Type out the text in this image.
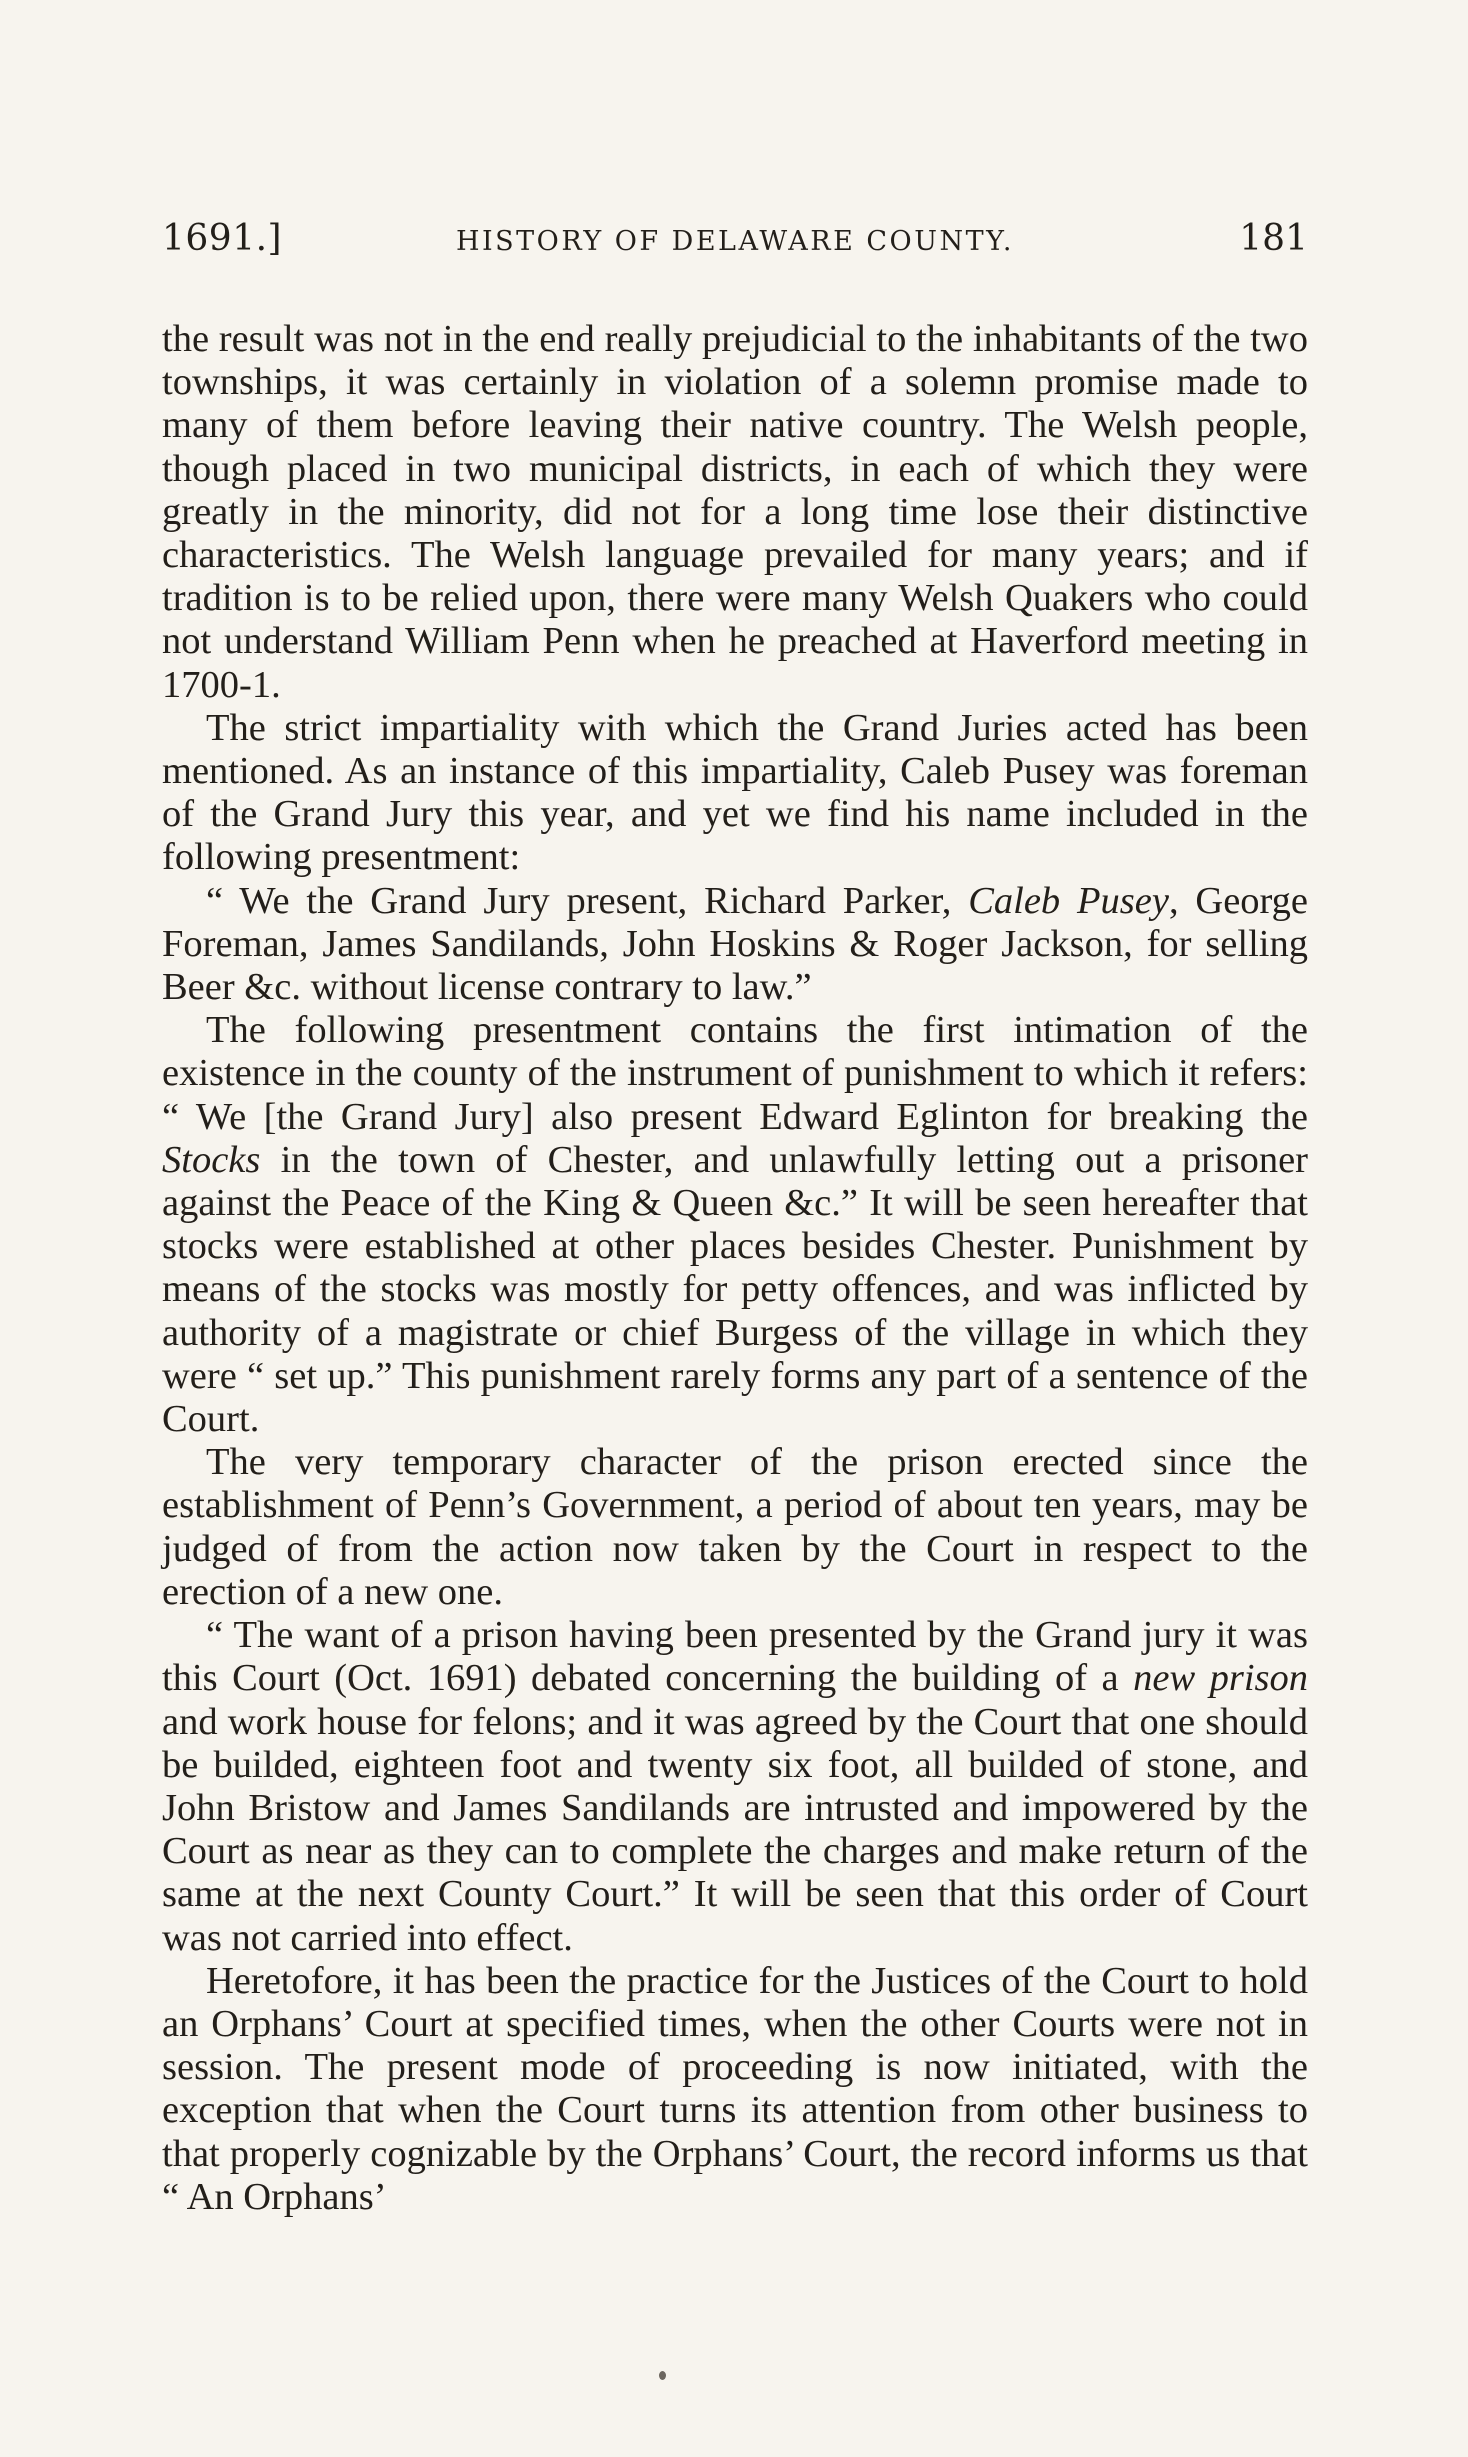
1691.]	HISTORY OF DELAWARE COUNTY.	181

the result was not in the end really prejudicial to the inhabitants of the two townships, it was certainly in violation of a solemn promise made to many of them before leaving their native country. The Welsh people, though placed in two municipal districts, in each of which they were greatly in the minority, did not for a long time lose their distinctive characteristics. The Welsh language prevailed for many years; and if tradition is to be relied upon, there were many Welsh Quakers who could not understand William Penn when he preached at Haverford meeting in 1700-1.

The strict impartiality with which the Grand Juries acted has been mentioned. As an instance of this impartiality, Caleb Pusey was foreman of the Grand Jury this year, and yet we find his name included in the following presentment:

“ We the Grand Jury present, Richard Parker, Caleb Pusey, George Foreman, James Sandilands, John Hoskins & Roger Jackson, for selling Beer &c. without license contrary to law.”

The following presentment contains the first intimation of the existence in the county of the instrument of punishment to which it refers: “ We [the Grand Jury] also present Edward Eglinton for breaking the Stocks in the town of Chester, and unlawfully letting out a prisoner against the Peace of the King & Queen &c.” It will be seen hereafter that stocks were established at other places besides Chester. Punishment by means of the stocks was mostly for petty offences, and was inflicted by authority of a magistrate or chief Burgess of the village in which they were “ set up.” This punishment rarely forms any part of a sentence of the Court.

The very temporary character of the prison erected since the establishment of Penn’s Government, a period of about ten years, may be judged of from the action now taken by the Court in respect to the erection of a new one.

“ The want of a prison having been presented by the Grand jury it was this Court (Oct. 1691) debated concerning the building of a new prison and work house for felons; and it was agreed by the Court that one should be builded, eighteen foot and twenty six foot, all builded of stone, and John Bristow and James Sandilands are intrusted and impowered by the Court as near as they can to complete the charges and make return of the same at the next County Court.” It will be seen that this order of Court was not carried into effect.

Heretofore, it has been the practice for the Justices of the Court to hold an Orphans’ Court at specified times, when the other Courts were not in session. The present mode of proceeding is now initiated, with the exception that when the Court turns its attention from other business to that properly cognizable by the Orphans’ Court, the record informs us that “ An Orphans’
